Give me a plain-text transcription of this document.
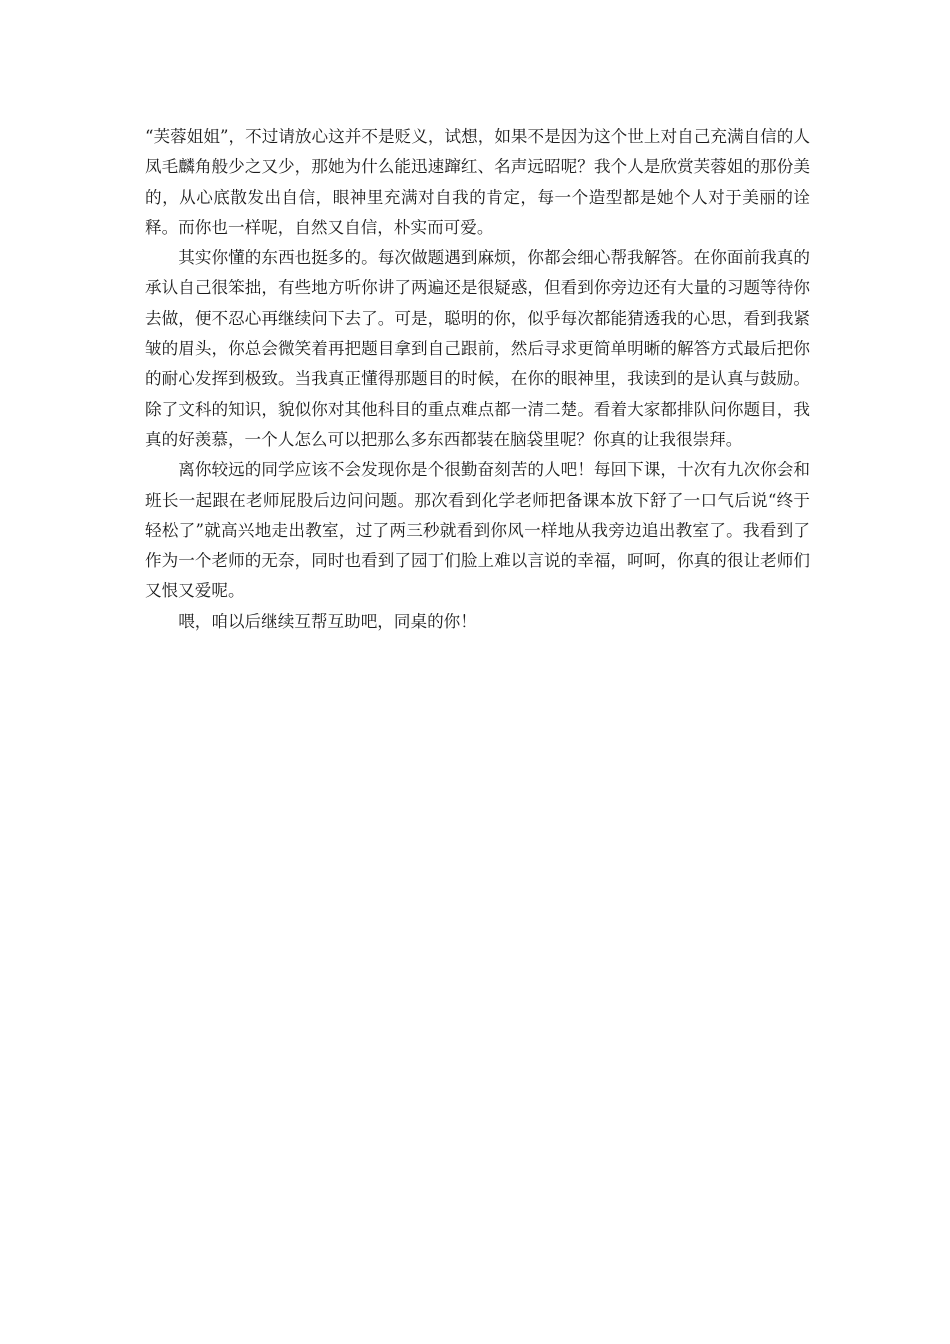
“芙蓉姐姐”，不过请放心这并不是贬义，试想，如果不是因为这个世上对自己充满自信的人凤毛麟角般少之又少，那她为什么能迅速蹿红、名声远昭呢？我个人是欣赏芙蓉姐的那份美的，从心底散发出自信，眼神里充满对自我的肯定，每一个造型都是她个人对于美丽的诠释。而你也一样呢，自然又自信，朴实而可爱。

其实你懂的东西也挺多的。每次做题遇到麻烦，你都会细心帮我解答。在你面前我真的承认自己很笨拙，有些地方听你讲了两遍还是很疑惑，但看到你旁边还有大量的习题等待你去做，便不忍心再继续问下去了。可是，聪明的你，似乎每次都能猜透我的心思，看到我紧皱的眉头，你总会微笑着再把题目拿到自己跟前，然后寻求更简单明晰的解答方式最后把你的耐心发挥到极致。当我真正懂得那题目的时候，在你的眼神里，我读到的是认真与鼓励。除了文科的知识，貌似你对其他科目的重点难点都一清二楚。看着大家都排队问你题目，我真的好羡慕，一个人怎么可以把那么多东西都装在脑袋里呢？你真的让我很崇拜。

离你较远的同学应该不会发现你是个很勤奋刻苦的人吧！每回下课，十次有九次你会和班长一起跟在老师屁股后边问问题。那次看到化学老师把备课本放下舒了一口气后说“终于轻松了”就高兴地走出教室，过了两三秒就看到你风一样地从我旁边追出教室了。我看到了作为一个老师的无奈，同时也看到了园丁们脸上难以言说的幸福，呵呵，你真的很让老师们又恨又爱呢。

喂，咱以后继续互帮互助吧，同桌的你！
